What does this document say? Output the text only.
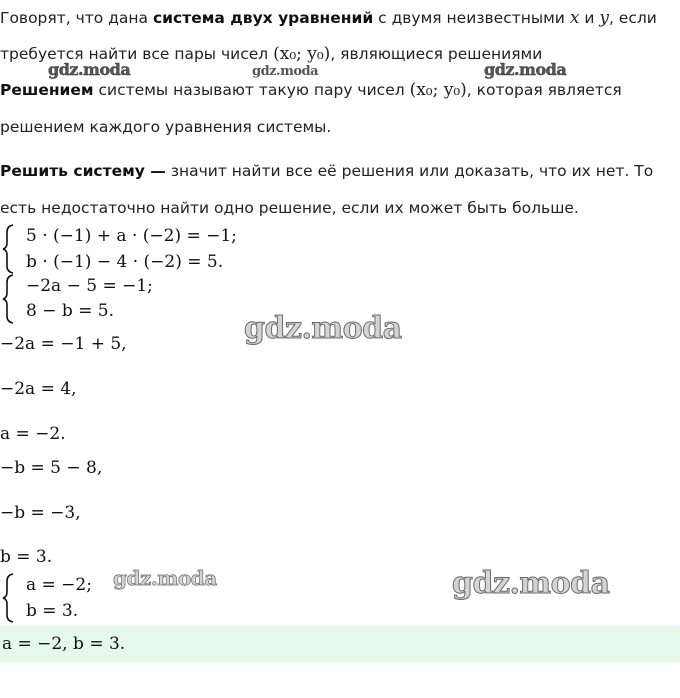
Говорят, что дана система двух уравнений с двумя неизвестными x и y, если
требуется найти все пары чисел (x₀; y₀), являющиеся решениями
Решением системы называют такую пару чисел (x₀; y₀), которая является
решением каждого уравнения системы.
Решить систему — значит найти все её решения или доказать, что их нет. То
есть недостаточно найти одно решение, если их может быть больше.
5 · (−1) + a · (−2) = −1;
b · (−1) − 4 · (−2) = 5.
−2a − 5 = −1;
8 − b = 5.
−2a = −1 + 5,
−2a = 4,
a = −2.
−b = 5 − 8,
−b = −3,
b = 3.
a = −2;
b = 3.
a = −2, b = 3.
gdz.moda	gdz.moda	gdz.moda
gdz.moda
gdz.moda	gdz.moda
